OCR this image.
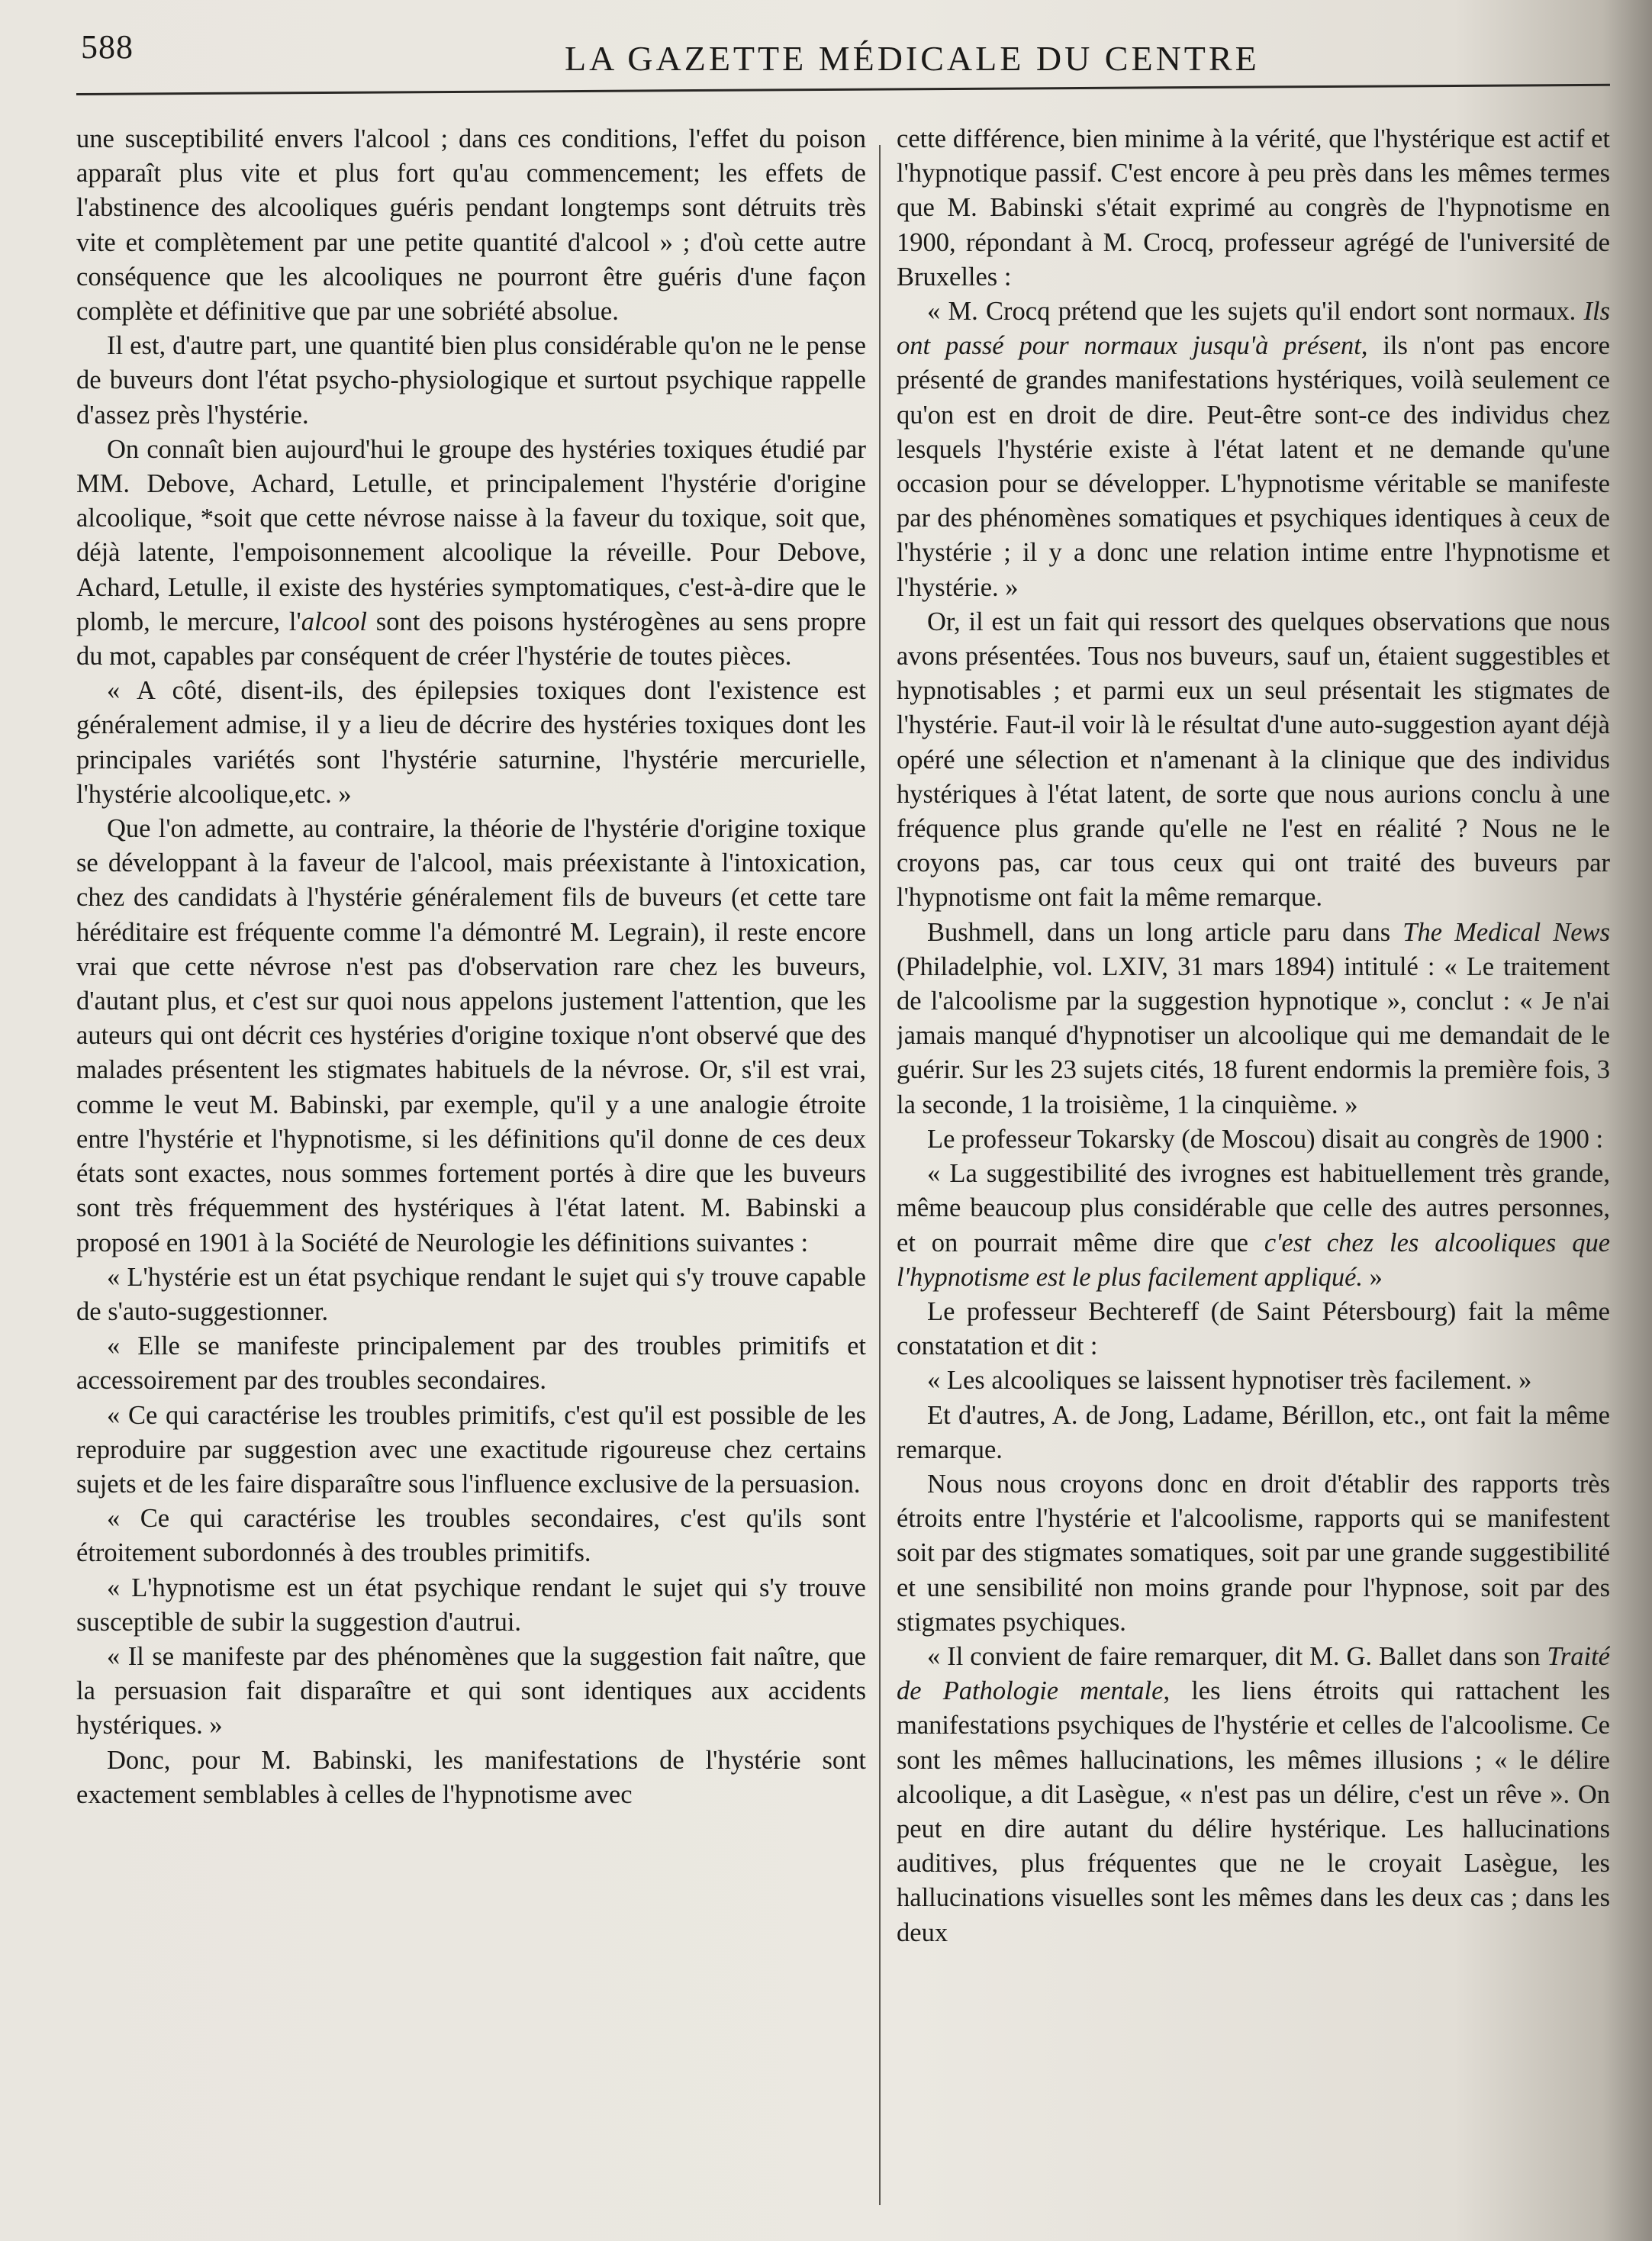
588	LA GAZETTE MÉDICALE DU CENTRE

une susceptibilité envers l'alcool ; dans ces conditions, l'effet du poison apparaît plus vite et plus fort qu'au commencement; les effets de l'abstinence des alcooliques guéris pendant longtemps sont détruits très vite et complètement par une petite quantité d'alcool » ; d'où cette autre conséquence que les alcooliques ne pourront être guéris d'une façon complète et définitive que par une sobriété absolue.

Il est, d'autre part, une quantité bien plus considérable qu'on ne le pense de buveurs dont l'état psycho-physiologique et surtout psychique rappelle d'assez près l'hystérie.

On connaît bien aujourd'hui le groupe des hystéries toxiques étudié par MM. Debove, Achard, Letulle, et principalement l'hystérie d'origine alcoolique, *soit que cette névrose naisse à la faveur du toxique, soit que, déjà latente, l'empoisonnement alcoolique la réveille. Pour Debove, Achard, Letulle, il existe des hystéries symptomatiques, c'est-à-dire que le plomb, le mercure, l'alcool sont des poisons hystérogènes au sens propre du mot, capables par conséquent de créer l'hystérie de toutes pièces.

« A côté, disent-ils, des épilepsies toxiques dont l'existence est généralement admise, il y a lieu de décrire des hystéries toxiques dont les principales variétés sont l'hystérie saturnine, l'hystérie mercurielle, l'hystérie alcoolique,etc. »

Que l'on admette, au contraire, la théorie de l'hystérie d'origine toxique se développant à la faveur de l'alcool, mais préexistante à l'intoxication, chez des candidats à l'hystérie généralement fils de buveurs (et cette tare héréditaire est fréquente comme l'a démontré M. Legrain), il reste encore vrai que cette névrose n'est pas d'observation rare chez les buveurs, d'autant plus, et c'est sur quoi nous appelons justement l'attention, que les auteurs qui ont décrit ces hystéries d'origine toxique n'ont observé que des malades présentent les stigmates habituels de la névrose. Or, s'il est vrai, comme le veut M. Babinski, par exemple, qu'il y a une analogie étroite entre l'hystérie et l'hypnotisme, si les définitions qu'il donne de ces deux états sont exactes, nous sommes fortement portés à dire que les buveurs sont très fréquemment des hystériques à l'état latent. M. Babinski a proposé en 1901 à la Société de Neurologie les définitions suivantes :

« L'hystérie est un état psychique rendant le sujet qui s'y trouve capable de s'auto-suggestionner.

« Elle se manifeste principalement par des troubles primitifs et accessoirement par des troubles secondaires.

« Ce qui caractérise les troubles primitifs, c'est qu'il est possible de les reproduire par suggestion avec une exactitude rigoureuse chez certains sujets et de les faire disparaître sous l'influence exclusive de la persuasion.

« Ce qui caractérise les troubles secondaires, c'est qu'ils sont étroitement subordonnés à des troubles primitifs.

« L'hypnotisme est un état psychique rendant le sujet qui s'y trouve susceptible de subir la suggestion d'autrui.

« Il se manifeste par des phénomènes que la suggestion fait naître, que la persuasion fait disparaître et qui sont identiques aux accidents hystériques. »

Donc, pour M. Babinski, les manifestations de l'hystérie sont exactement semblables à celles de l'hypnotisme avec

cette différence, bien minime à la vérité, que l'hystérique est actif et l'hypnotique passif. C'est encore à peu près dans les mêmes termes que M. Babinski s'était exprimé au congrès de l'hypnotisme en 1900, répondant à M. Crocq, professeur agrégé de l'université de Bruxelles :

« M. Crocq prétend que les sujets qu'il endort sont normaux. Ils ont passé pour normaux jusqu'à présent, ils n'ont pas encore présenté de grandes manifestations hystériques, voilà seulement ce qu'on est en droit de dire. Peut-être sont-ce des individus chez lesquels l'hystérie existe à l'état latent et ne demande qu'une occasion pour se développer. L'hypnotisme véritable se manifeste par des phénomènes somatiques et psychiques identiques à ceux de l'hystérie ; il y a donc une relation intime entre l'hypnotisme et l'hystérie. »

Or, il est un fait qui ressort des quelques observations que nous avons présentées. Tous nos buveurs, sauf un, étaient suggestibles et hypnotisables ; et parmi eux un seul présentait les stigmates de l'hystérie. Faut-il voir là le résultat d'une auto-suggestion ayant déjà opéré une sélection et n'amenant à la clinique que des individus hystériques à l'état latent, de sorte que nous aurions conclu à une fréquence plus grande qu'elle ne l'est en réalité ? Nous ne le croyons pas, car tous ceux qui ont traité des buveurs par l'hypnotisme ont fait la même remarque.

Bushmell, dans un long article paru dans The Medical News (Philadelphie, vol. LXIV, 31 mars 1894) intitulé : « Le traitement de l'alcoolisme par la suggestion hypnotique », conclut : « Je n'ai jamais manqué d'hypnotiser un alcoolique qui me demandait de le guérir. Sur les 23 sujets cités, 18 furent endormis la première fois, 3 la seconde, 1 la troisième, 1 la cinquième. »

Le professeur Tokarsky (de Moscou) disait au congrès de 1900 :

« La suggestibilité des ivrognes est habituellement très grande, même beaucoup plus considérable que celle des autres personnes, et on pourrait même dire que c'est chez les alcooliques que l'hypnotisme est le plus facilement appliqué. »

Le professeur Bechtereff (de Saint Pétersbourg) fait la même constatation et dit :

« Les alcooliques se laissent hypnotiser très facilement. »

Et d'autres, A. de Jong, Ladame, Bérillon, etc., ont fait la même remarque.

Nous nous croyons donc en droit d'établir des rapports très étroits entre l'hystérie et l'alcoolisme, rapports qui se manifestent soit par des stigmates somatiques, soit par une grande suggestibilité et une sensibilité non moins grande pour l'hypnose, soit par des stigmates psychiques.

« Il convient de faire remarquer, dit M. G. Ballet dans son Traité de Pathologie mentale, les liens étroits qui rattachent les manifestations psychiques de l'hystérie et celles de l'alcoolisme. Ce sont les mêmes hallucinations, les mêmes illusions ; « le délire alcoolique, a dit Lasègue, « n'est pas un délire, c'est un rêve ». On peut en dire autant du délire hystérique. Les hallucinations auditives, plus fréquentes que ne le croyait Lasègue, les hallucinations visuelles sont les mêmes dans les deux cas ; dans les deux
